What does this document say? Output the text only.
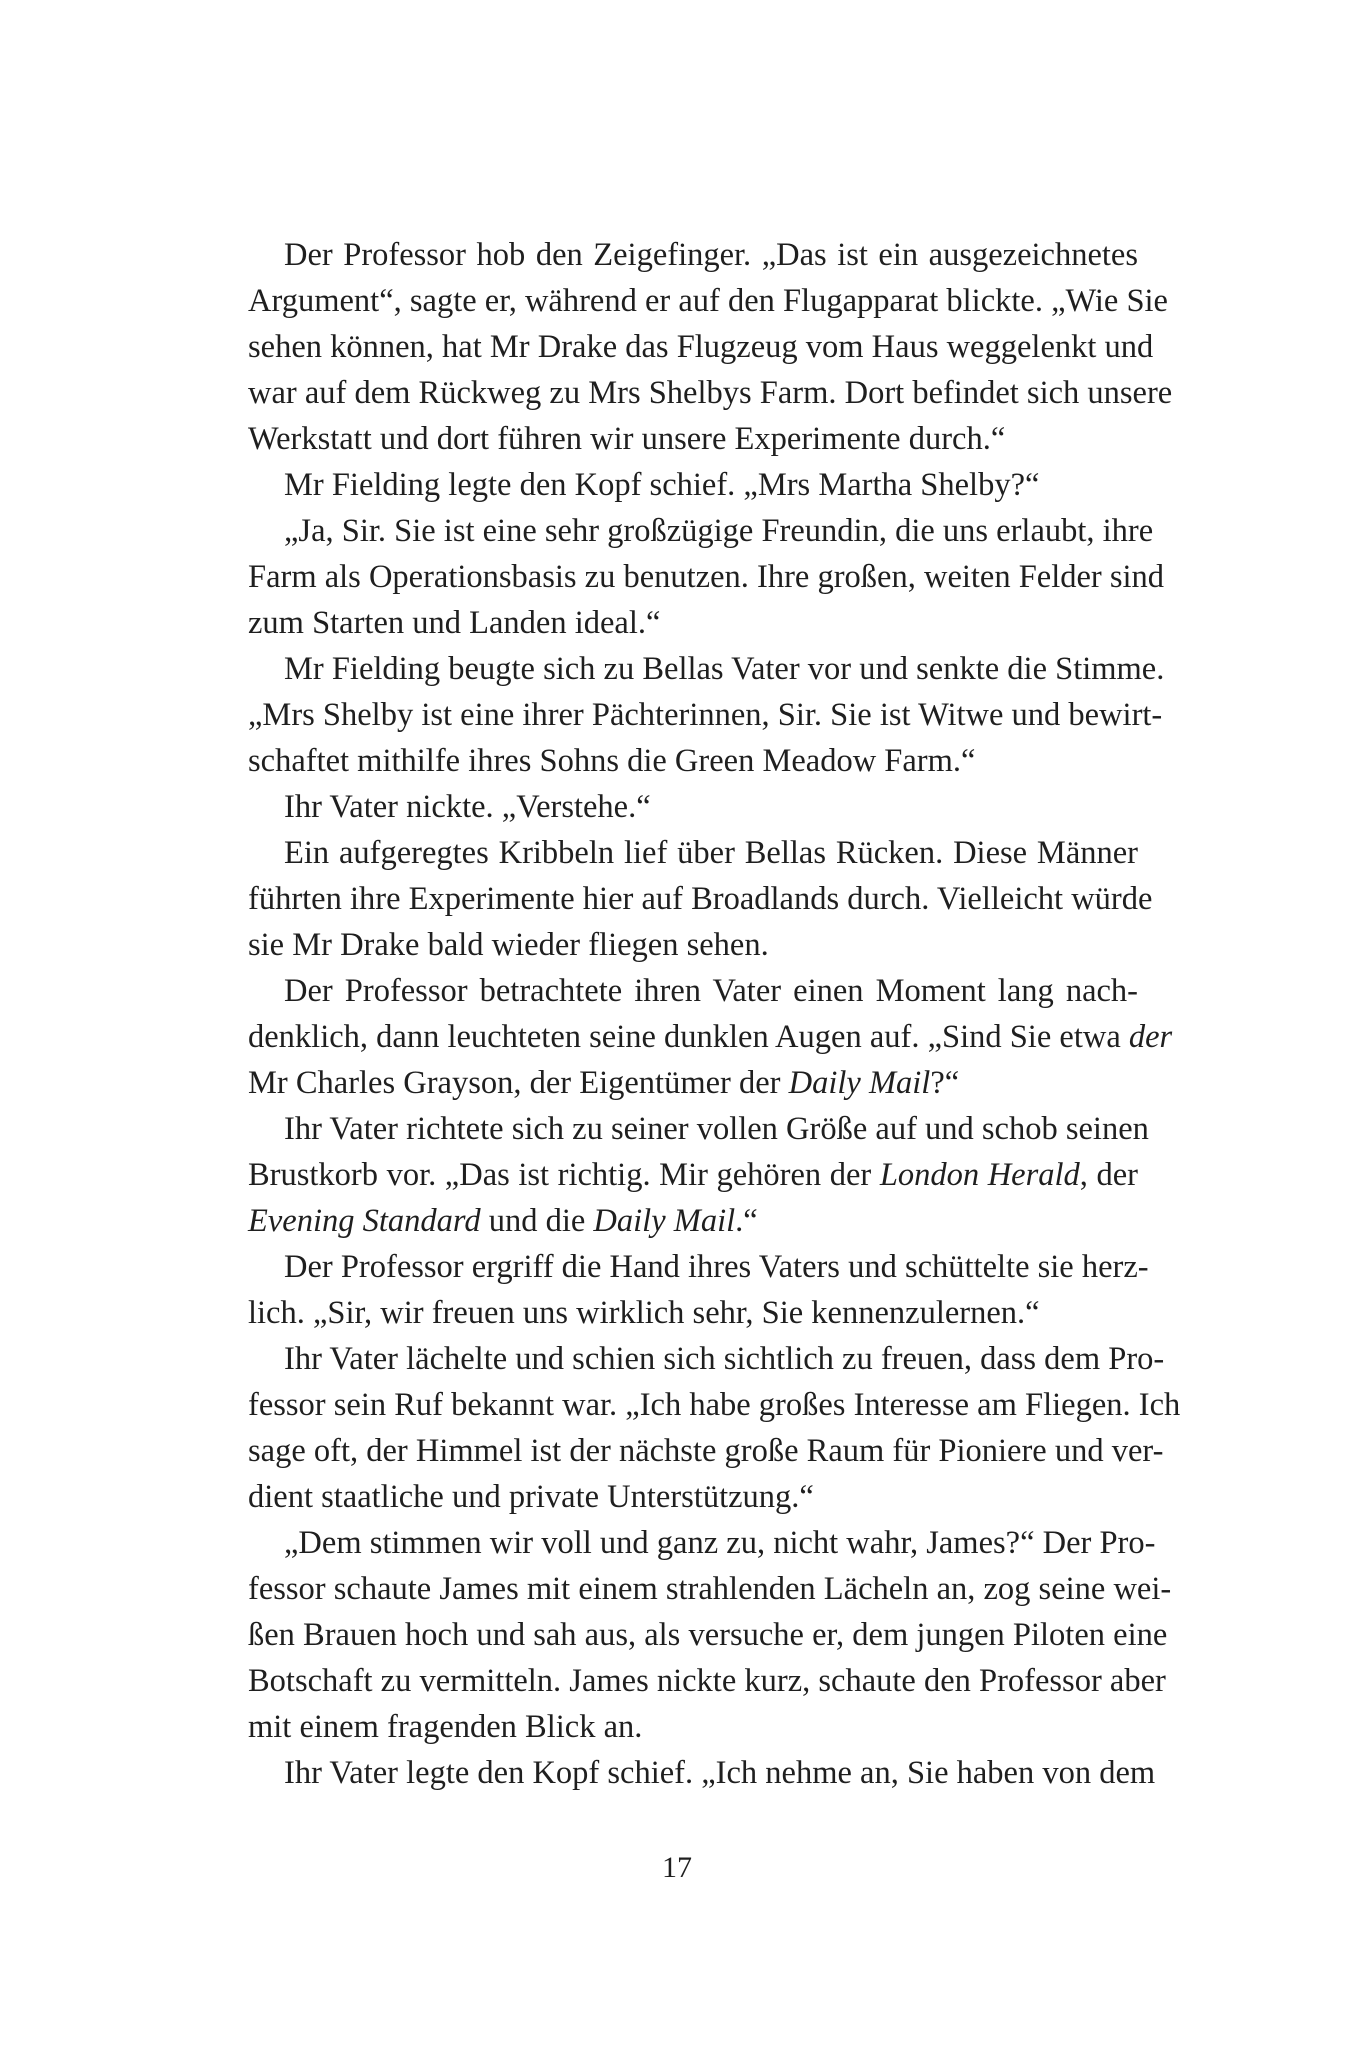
Der Professor hob den Zeigefinger. „Das ist ein ausgezeichnetes
Argument“, sagte er, während er auf den Flugapparat blickte. „Wie Sie
sehen können, hat Mr Drake das Flugzeug vom Haus weggelenkt und
war auf dem Rückweg zu Mrs Shelbys Farm. Dort befindet sich unsere
Werkstatt und dort führen wir unsere Experimente durch.“
Mr Fielding legte den Kopf schief. „Mrs Martha Shelby?“
„Ja, Sir. Sie ist eine sehr großzügige Freundin, die uns erlaubt, ihre
Farm als Operationsbasis zu benutzen. Ihre großen, weiten Felder sind
zum Starten und Landen ideal.“
Mr Fielding beugte sich zu Bellas Vater vor und senkte die Stimme.
„Mrs Shelby ist eine ihrer Pächterinnen, Sir. Sie ist Witwe und bewirt-
schaftet mithilfe ihres Sohns die Green Meadow Farm.“
Ihr Vater nickte. „Verstehe.“
Ein aufgeregtes Kribbeln lief über Bellas Rücken. Diese Männer
führten ihre Experimente hier auf Broadlands durch. Vielleicht würde
sie Mr Drake bald wieder fliegen sehen.
Der Professor betrachtete ihren Vater einen Moment lang nach-
denklich, dann leuchteten seine dunklen Augen auf. „Sind Sie etwa der
Mr Charles Grayson, der Eigentümer der Daily Mail?“
Ihr Vater richtete sich zu seiner vollen Größe auf und schob seinen
Brustkorb vor. „Das ist richtig. Mir gehören der London Herald, der
Evening Standard und die Daily Mail.“
Der Professor ergriff die Hand ihres Vaters und schüttelte sie herz-
lich. „Sir, wir freuen uns wirklich sehr, Sie kennenzulernen.“
Ihr Vater lächelte und schien sich sichtlich zu freuen, dass dem Pro-
fessor sein Ruf bekannt war. „Ich habe großes Interesse am Fliegen. Ich
sage oft, der Himmel ist der nächste große Raum für Pioniere und ver-
dient staatliche und private Unterstützung.“
„Dem stimmen wir voll und ganz zu, nicht wahr, James?“ Der Pro-
fessor schaute James mit einem strahlenden Lächeln an, zog seine wei-
ßen Brauen hoch und sah aus, als versuche er, dem jungen Piloten eine
Botschaft zu vermitteln. James nickte kurz, schaute den Professor aber
mit einem fragenden Blick an.
Ihr Vater legte den Kopf schief. „Ich nehme an, Sie haben von dem
17
